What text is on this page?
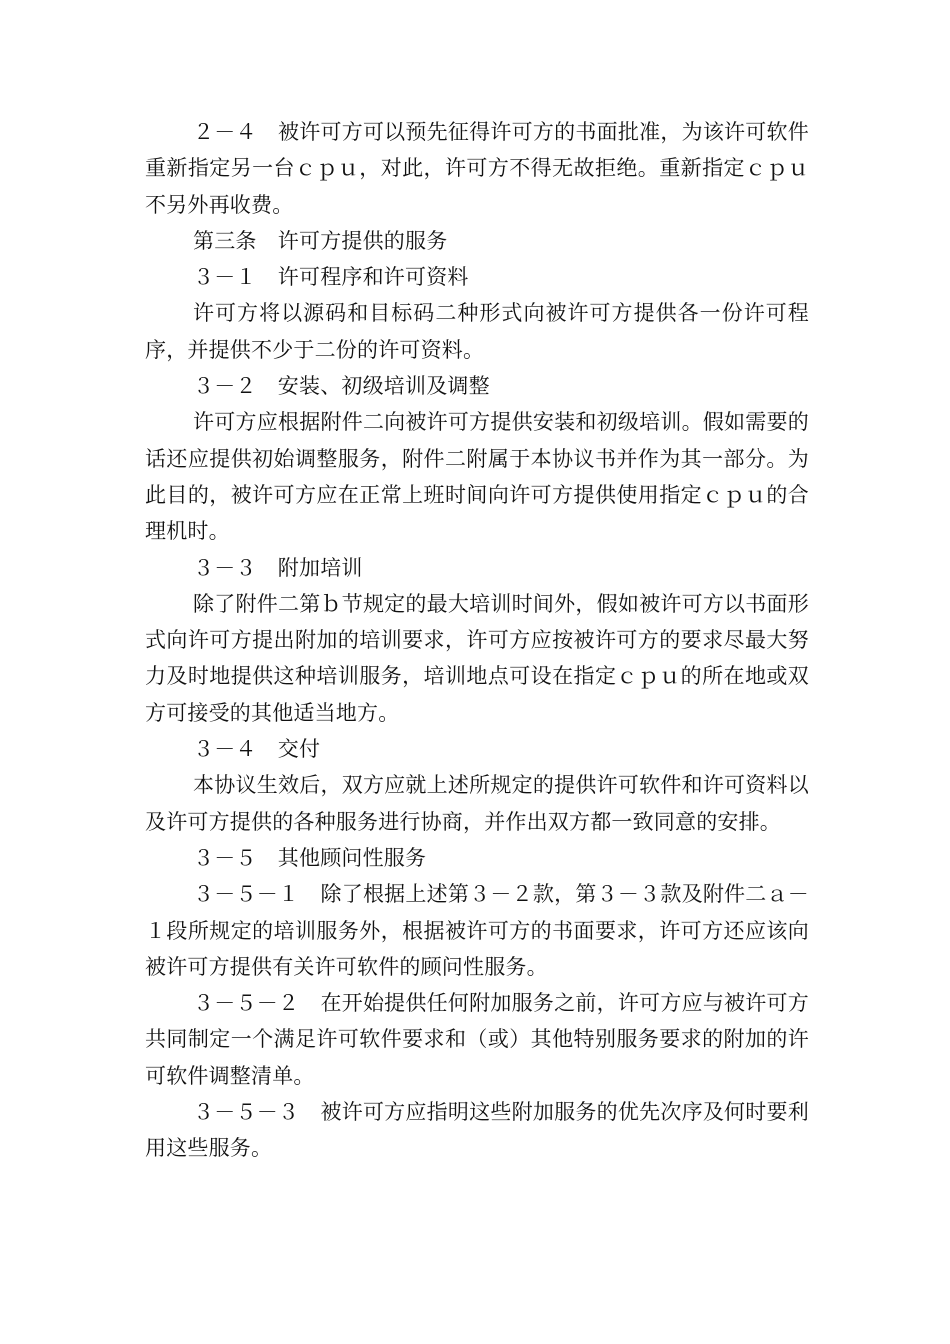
２－４　被许可方可以预先征得许可方的书面批准，为该许可软件重新指定另一台ｃｐｕ，对此，许可方不得无故拒绝。重新指定ｃｐｕ不另外再收费。

第三条　许可方提供的服务

３－１　许可程序和许可资料

许可方将以源码和目标码二种形式向被许可方提供各一份许可程序，并提供不少于二份的许可资料。

３－２　安装、初级培训及调整

许可方应根据附件二向被许可方提供安装和初级培训。假如需要的话还应提供初始调整服务，附件二附属于本协议书并作为其一部分。为此目的，被许可方应在正常上班时间向许可方提供使用指定ｃｐｕ的合理机时。

３－３　附加培训

除了附件二第ｂ节规定的最大培训时间外，假如被许可方以书面形式向许可方提出附加的培训要求，许可方应按被许可方的要求尽最大努力及时地提供这种培训服务，培训地点可设在指定ｃｐｕ的所在地或双方可接受的其他适当地方。

３－４　交付

本协议生效后，双方应就上述所规定的提供许可软件和许可资料以及许可方提供的各种服务进行协商，并作出双方都一致同意的安排。

３－５　其他顾问性服务

３－５－１　除了根据上述第３－２款，第３－３款及附件二ａ－１段所规定的培训服务外，根据被许可方的书面要求，许可方还应该向被许可方提供有关许可软件的顾问性服务。

３－５－２　在开始提供任何附加服务之前，许可方应与被许可方共同制定一个满足许可软件要求和（或）其他特别服务要求的附加的许可软件调整清单。

３－５－３　被许可方应指明这些附加服务的优先次序及何时要利用这些服务。
